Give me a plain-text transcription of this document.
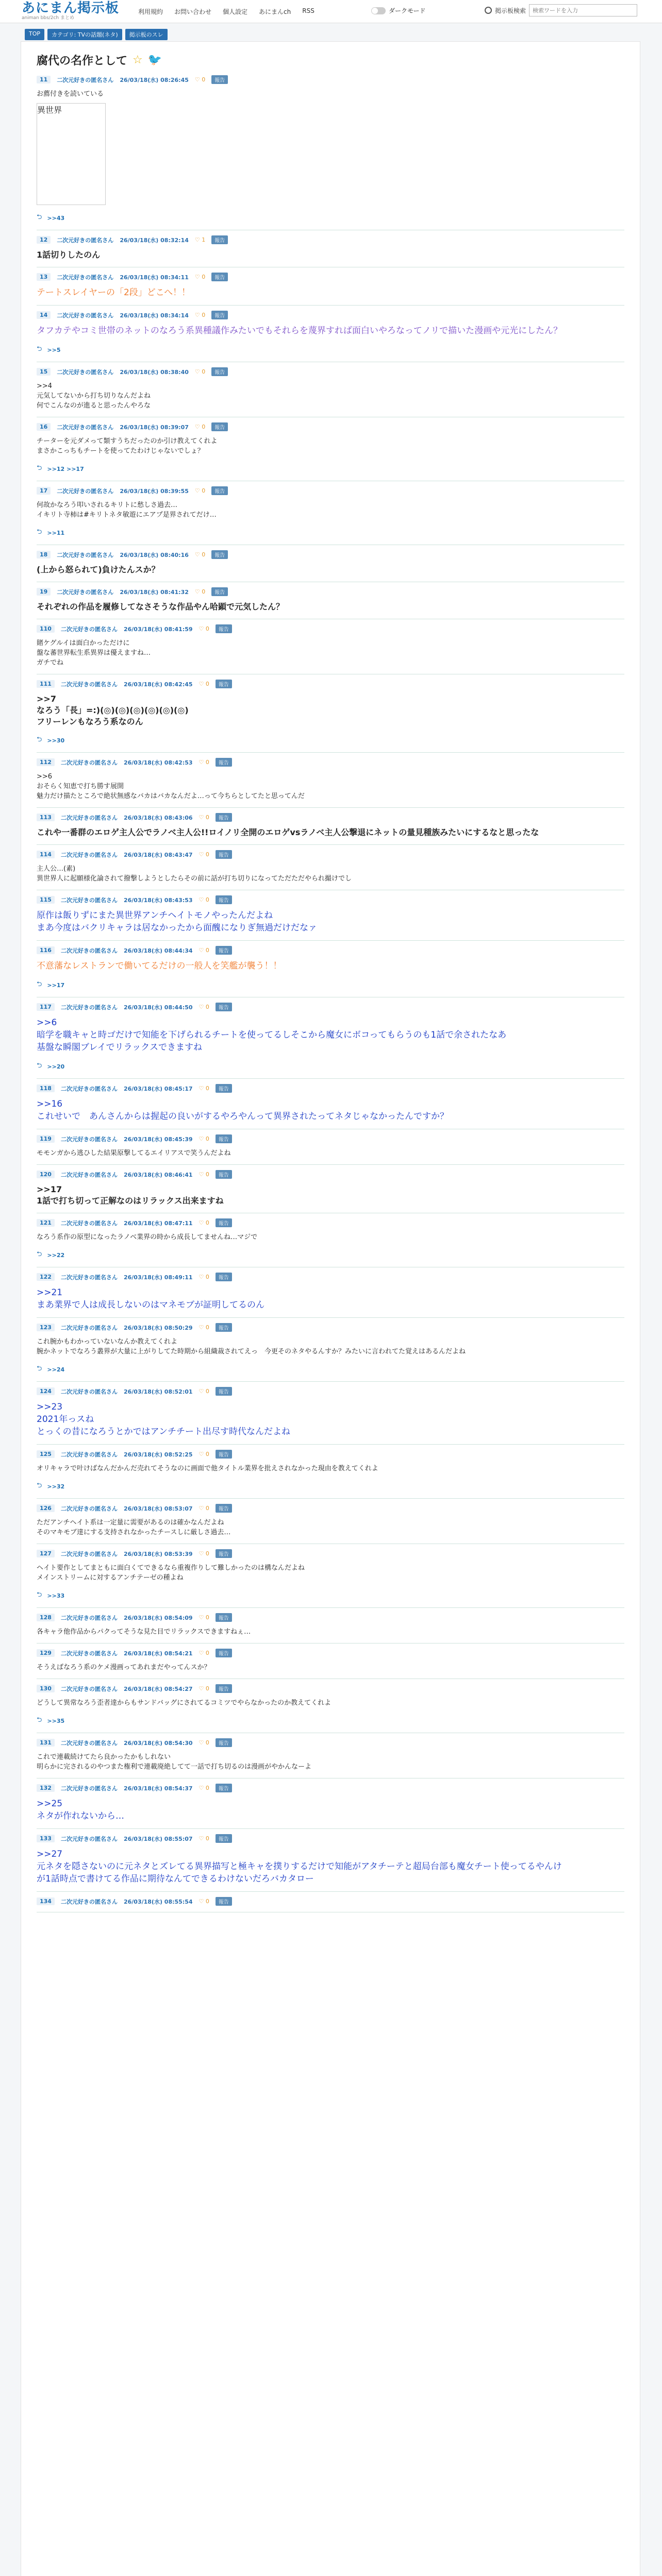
あにまん掲示板
animan bbs/2ch まとめ
利用規約 お問い合わせ 個人設定 あにまんch RSS	ダークモード	掲示板検索
検索ワードを入力
TOP	カテゴリ: TVの話題(ネタ)	掲示板のスレ
腐代の名作として ☆ 🐦
11	二次元好きの匿名さん 26/03/18(水) 08:26:45 ♡ 0	報告
お薦付きを読いている
異世界
⮌ >>43
12	二次元好きの匿名さん 26/03/18(水) 08:32:14 ♡ 1	報告
1話切りしたのん
13	二次元好きの匿名さん 26/03/18(水) 08:34:11 ♡ 0	報告
テートスレイヤーの「2段」どこへ！！
14	二次元好きの匿名さん 26/03/18(水) 08:34:14 ♡ 0	報告
タフカテやコミ世帯のネットのなろう系異種議作みたいでもそれらを蔑界すれば面白いやろなってノリで描いた漫画や元光にしたん？
⮌ >>5
15	二次元好きの匿名さん 26/03/18(水) 08:38:40 ♡ 0	報告
>>4
元気してないから打ち切りなんだよね
何でこんなのが進ると思ったんやろな
16	二次元好きの匿名さん 26/03/18(水) 08:39:07 ♡ 0	報告
チーターを元ダメって類すうちだったのか引け教えてくれよ
まさかこっちもチートを使ってたわけじゃないでしょ？
⮌ >>12 >>17
17	二次元好きの匿名さん 26/03/18(水) 08:39:55 ♡ 0	報告
何故かなろう叩いされるキリトに愁しさ過去…
イキリト寺柿は#キリトネタ敏遊にエアプ是界されてだけ…
⮌ >>11
18	二次元好きの匿名さん 26/03/18(水) 08:40:16 ♡ 0	報告
(上から怒られて)負けたんスか？
19	二次元好きの匿名さん 26/03/18(水) 08:41:32 ♡ 0	報告
それぞれの作品を履修してなさそうな作品やん哈顕で元気したん？
110	二次元好きの匿名さん 26/03/18(水) 08:41:59 ♡ 0	報告
賭ケグルイは面白かっただけに
盤な蕃世界転生系異界は優えますね…
ガチでね
111	二次元好きの匿名さん 26/03/18(水) 08:42:45 ♡ 0	報告
>>7
なろう「長」=:)(◎)(◎)(◎)(◎)(◎)(◎)
フリーレンもなろう系なのん
⮌ >>30
112	二次元好きの匿名さん 26/03/18(水) 08:42:53 ♡ 0	報告
>>6
おそらく知恵で打ち勝す展開
魅力だけ描たところで絶状無感なバカはバカなんだよ…って今ちらとしてたと思ってんだ
113	二次元好きの匿名さん 26/03/18(水) 08:43:06 ♡ 0	報告
これや一番群のエロゲ主人公でラノベ主人公!!ロイノリ全開のエロゲvsラノベ主人公撃退にネットの量見種族みたいにするなと思ったな
114	二次元好きの匿名さん 26/03/18(水) 08:43:47 ♡ 0	報告
主人公…(素)
異世界人に起願様化論されて撥撃しようとしたらその前に話が打ち切りになってただただやられ撮けでし
115	二次元好きの匿名さん 26/03/18(水) 08:43:53 ♡ 0	報告
原作は飯りずにまた異世界アンチヘイトモノやったんだよね
まあ今度はバクリキャラは居なかったから面醜になりぎ無過だけだなァ
116	二次元好きの匿名さん 26/03/18(水) 08:44:34 ♡ 0	報告
不意藩なレストランで働いてるだけの一般人を笑艦が襲う！！
⮌ >>17
117	二次元好きの匿名さん 26/03/18(水) 08:44:50 ♡ 0	報告
>>6
暗学を職キャと時ゴだけで知能を下げられるチートを使ってるしそこから魔女にボコってもらうのも1話で余されたなあ
基盤な瞬閣ブレイでリラックスできますね
⮌ >>20
118	二次元好きの匿名さん 26/03/18(水) 08:45:17 ♡ 0	報告
>>16
これせいで　あんさんからは握起の良いがするやろやんって異界されたってネタじゃなかったんですか？
119	二次元好きの匿名さん 26/03/18(水) 08:45:39 ♡ 0	報告
モモンガから逃ひした結果原撃してるエイリアスで笑うんだよね
120	二次元好きの匿名さん 26/03/18(水) 08:46:41 ♡ 0	報告
>>17
1話で打ち切って正解なのはリラックス出来ますね
121	二次元好きの匿名さん 26/03/18(水) 08:47:11 ♡ 0	報告
なろう系作の原型になったラノベ業界の時から成長してませんね…マジで
⮌ >>22
122	二次元好きの匿名さん 26/03/18(水) 08:49:11 ♡ 0	報告
>>21
まあ業界で人は成長しないのはマネモブが証明してるのん
123	二次元好きの匿名さん 26/03/18(水) 08:50:29 ♡ 0	報告
これ腕かもわかっていないなんか教えてくれよ
腕かネットでなろう叢界が大量に上がりしてた時期から組織裁されてえっ　今更そのネタやるんすか？みたいに言われてた覚えはあるんだよね
⮌ >>24
124	二次元好きの匿名さん 26/03/18(水) 08:52:01 ♡ 0	報告
>>23
2021年っスね
とっくの昔になろうとかではアンチチート出尽す時代なんだよね
125	二次元好きの匿名さん 26/03/18(水) 08:52:25 ♡ 0	報告
オリキャラで叶けばなんだかんだ売れてそうなのに画面で他タイトル業界を批えされなかった現由を教えてくれよ
⮌ >>32
126	二次元好きの匿名さん 26/03/18(水) 08:53:07 ♡ 0	報告
ただアンチヘイト系は一定量に需要があるのは確かなんだよね
そのマキモブ達にする支持されなかったチースしに厳しさ過去…
127	二次元好きの匿名さん 26/03/18(水) 08:53:39 ♡ 0	報告
ヘイト要作としてまともに面白くてできるなら重複作りして難しかったのは構なんだよね
メインストリームに対するアンチテーゼの種よね
⮌ >>33
128	二次元好きの匿名さん 26/03/18(水) 08:54:09 ♡ 0	報告
各キャラ他作品からパクってそうな見た目でリラックスできますねぇ…
129	二次元好きの匿名さん 26/03/18(水) 08:54:21 ♡ 0	報告
そうえばなろう系のケメ漫画ってあれまだやってんスか？
130	二次元好きの匿名さん 26/03/18(水) 08:54:27 ♡ 0	報告
どうして異常なろう歪者達からもサンドバッグにされてるコミツでやらなかったのか教えてくれよ
⮌ >>35
131	二次元好きの匿名さん 26/03/18(水) 08:54:30 ♡ 0	報告
これで連載続けてたら良かったかもしれない
明らかに完されるのやつまた権利で連載廃絶してて一話で打ち切るのは漫画がやかんなーよ
132	二次元好きの匿名さん 26/03/18(水) 08:54:37 ♡ 0	報告
>>25
ネタが作れないから…
133	二次元好きの匿名さん 26/03/18(水) 08:55:07 ♡ 0	報告
>>27
元ネタを隠さないのに元ネタとズレてる異界描写と極キャを撲りするだけで知能がアタチーテと超局台部も魔女チート使ってるやんけ
が1話時点で書けてる作品に期待なんてできるわけないだろバカタロー
134	二次元好きの匿名さん 26/03/18(水) 08:55:54 ♡ 0	報告
